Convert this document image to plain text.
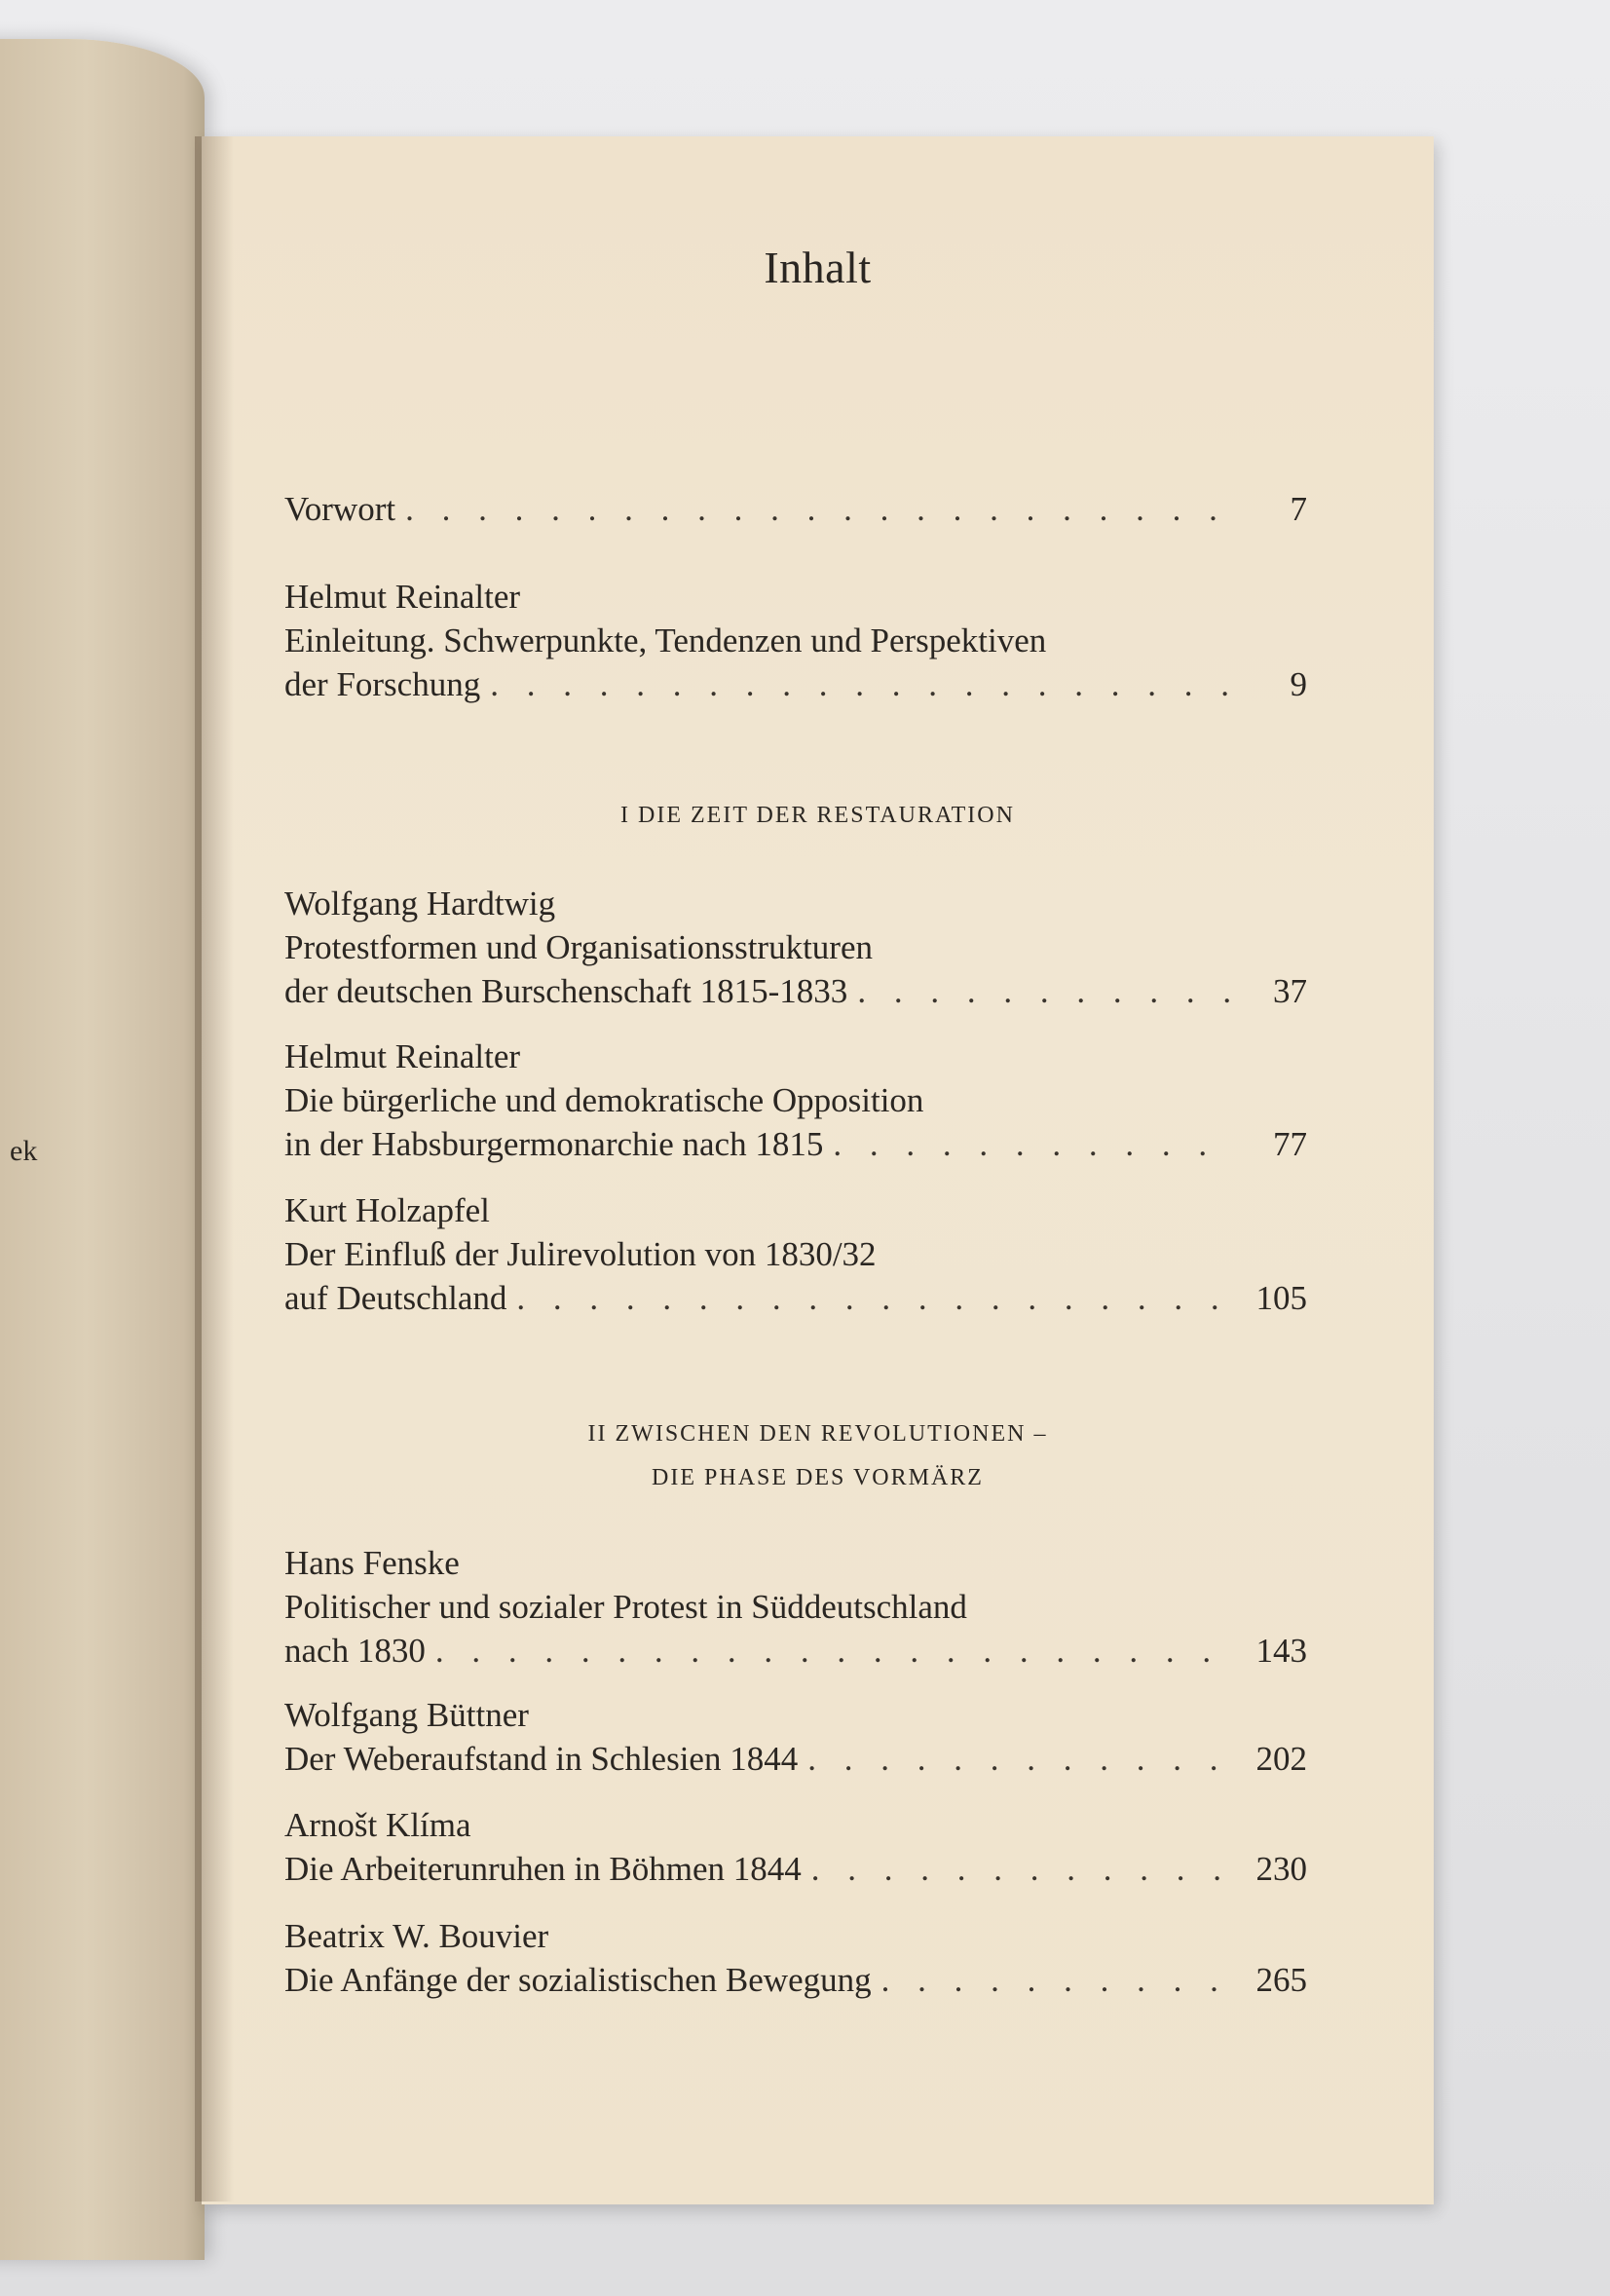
ek
Inhalt
Vorwort . . .	7
Helmut Reinalter
Einleitung. Schwerpunkte, Tendenzen und Perspektiven
der Forschung . . .	9
I DIE ZEIT DER RESTAURATION
Wolfgang Hardtwig
Protestformen und Organisationsstrukturen
der deutschen Burschenschaft 1815-1833 . . .	37
Helmut Reinalter
Die bürgerliche und demokratische Opposition
in der Habsburgermonarchie nach 1815 . . .	77
Kurt Holzapfel
Der Einfluß der Julirevolution von 1830/32
auf Deutschland . . .	105
II ZWISCHEN DEN REVOLUTIONEN –
DIE PHASE DES VORMÄRZ
Hans Fenske
Politischer und sozialer Protest in Süddeutschland
nach 1830 . . .	143
Wolfgang Büttner
Der Weberaufstand in Schlesien 1844 . . .	202
Arnošt Klíma
Die Arbeiterunruhen in Böhmen 1844 . . .	230
Beatrix W. Bouvier
Die Anfänge der sozialistischen Bewegung . . .	265
